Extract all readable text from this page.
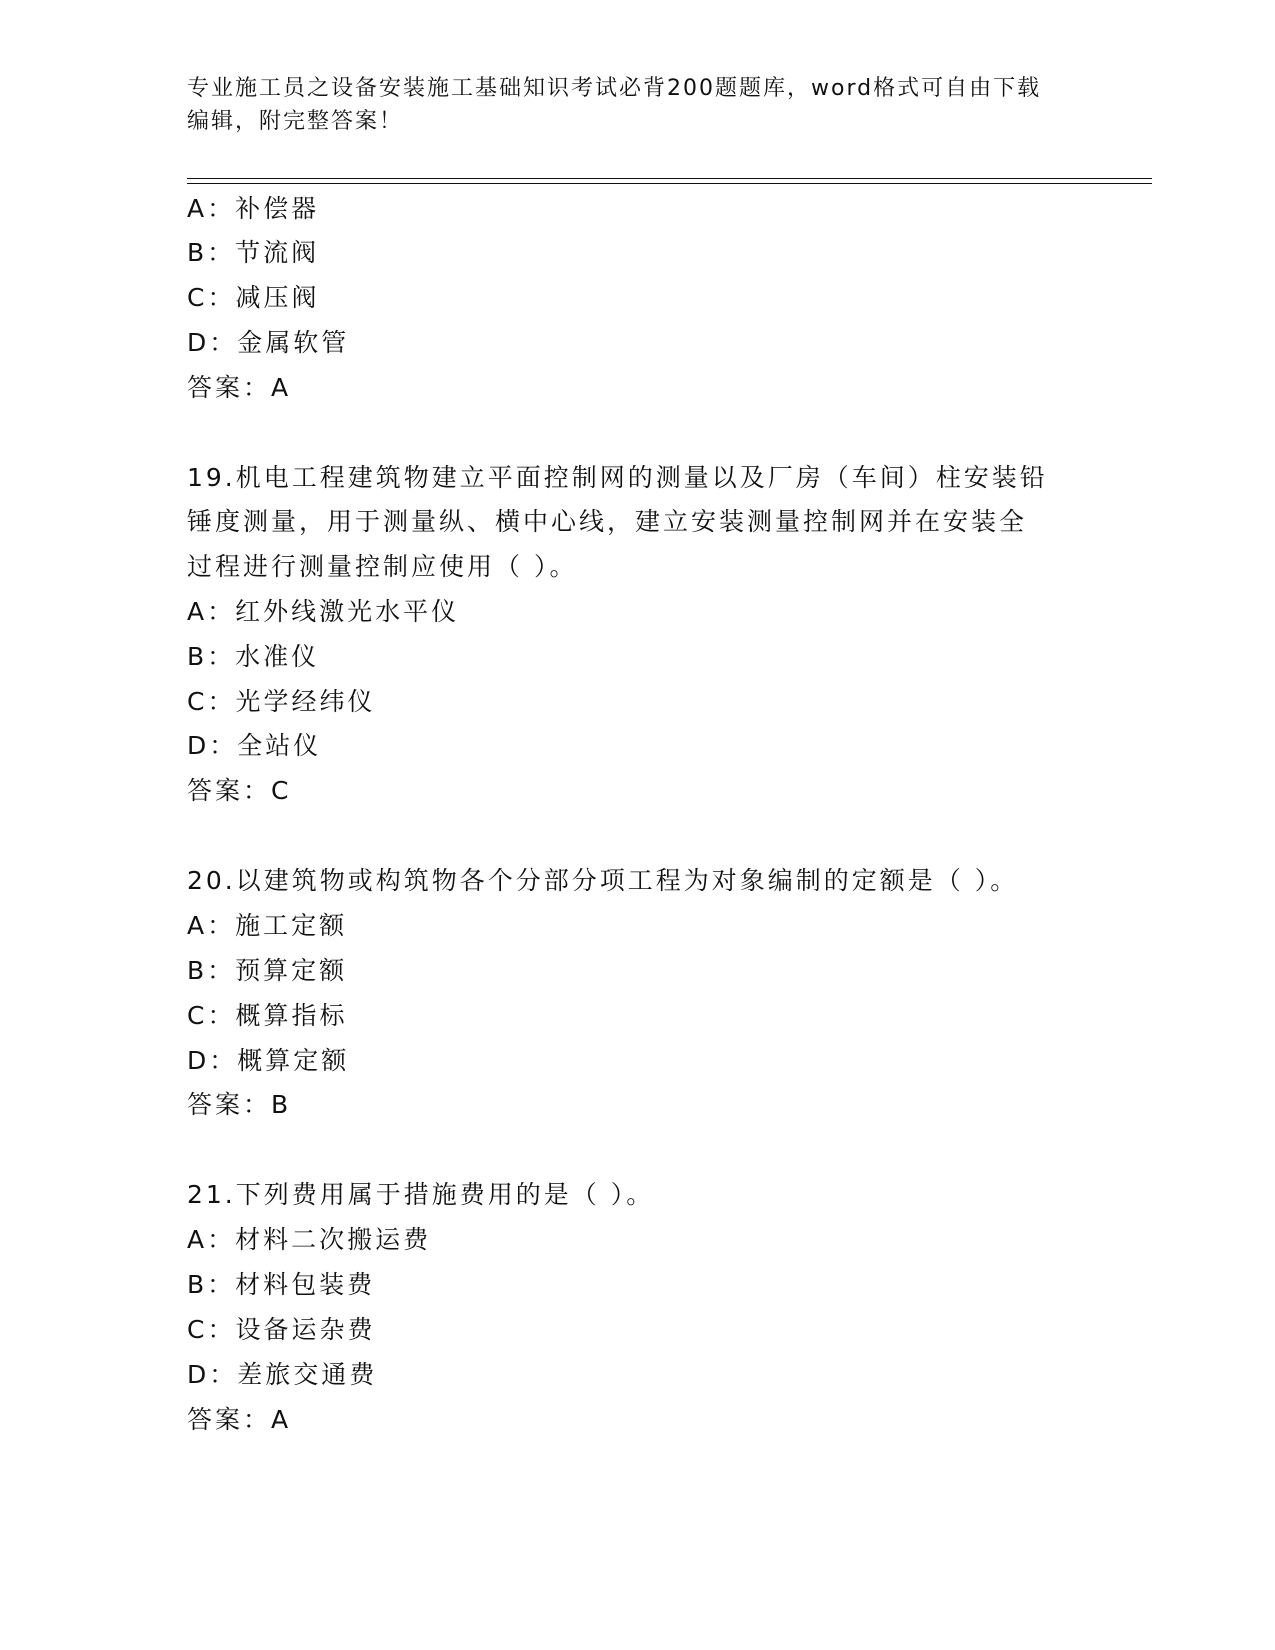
专业施工员之设备安装施工基础知识考试必背200题题库，word格式可自由下载
编辑，附完整答案！
A：补偿器
B：节流阀
C：减压阀
D：金属软管
答案：A
19.机电工程建筑物建立平面控制网的测量以及厂房（车间）柱安装铅
锤度测量，用于测量纵、横中心线，建立安装测量控制网并在安装全
过程进行测量控制应使用（ ）。
A：红外线激光水平仪
B：水准仪
C：光学经纬仪
D：全站仪
答案：C
20.以建筑物或构筑物各个分部分项工程为对象编制的定额是（ ）。
A：施工定额
B：预算定额
C：概算指标
D：概算定额
答案：B
21.下列费用属于措施费用的是（ ）。
A：材料二次搬运费
B：材料包装费
C：设备运杂费
D：差旅交通费
答案：A
